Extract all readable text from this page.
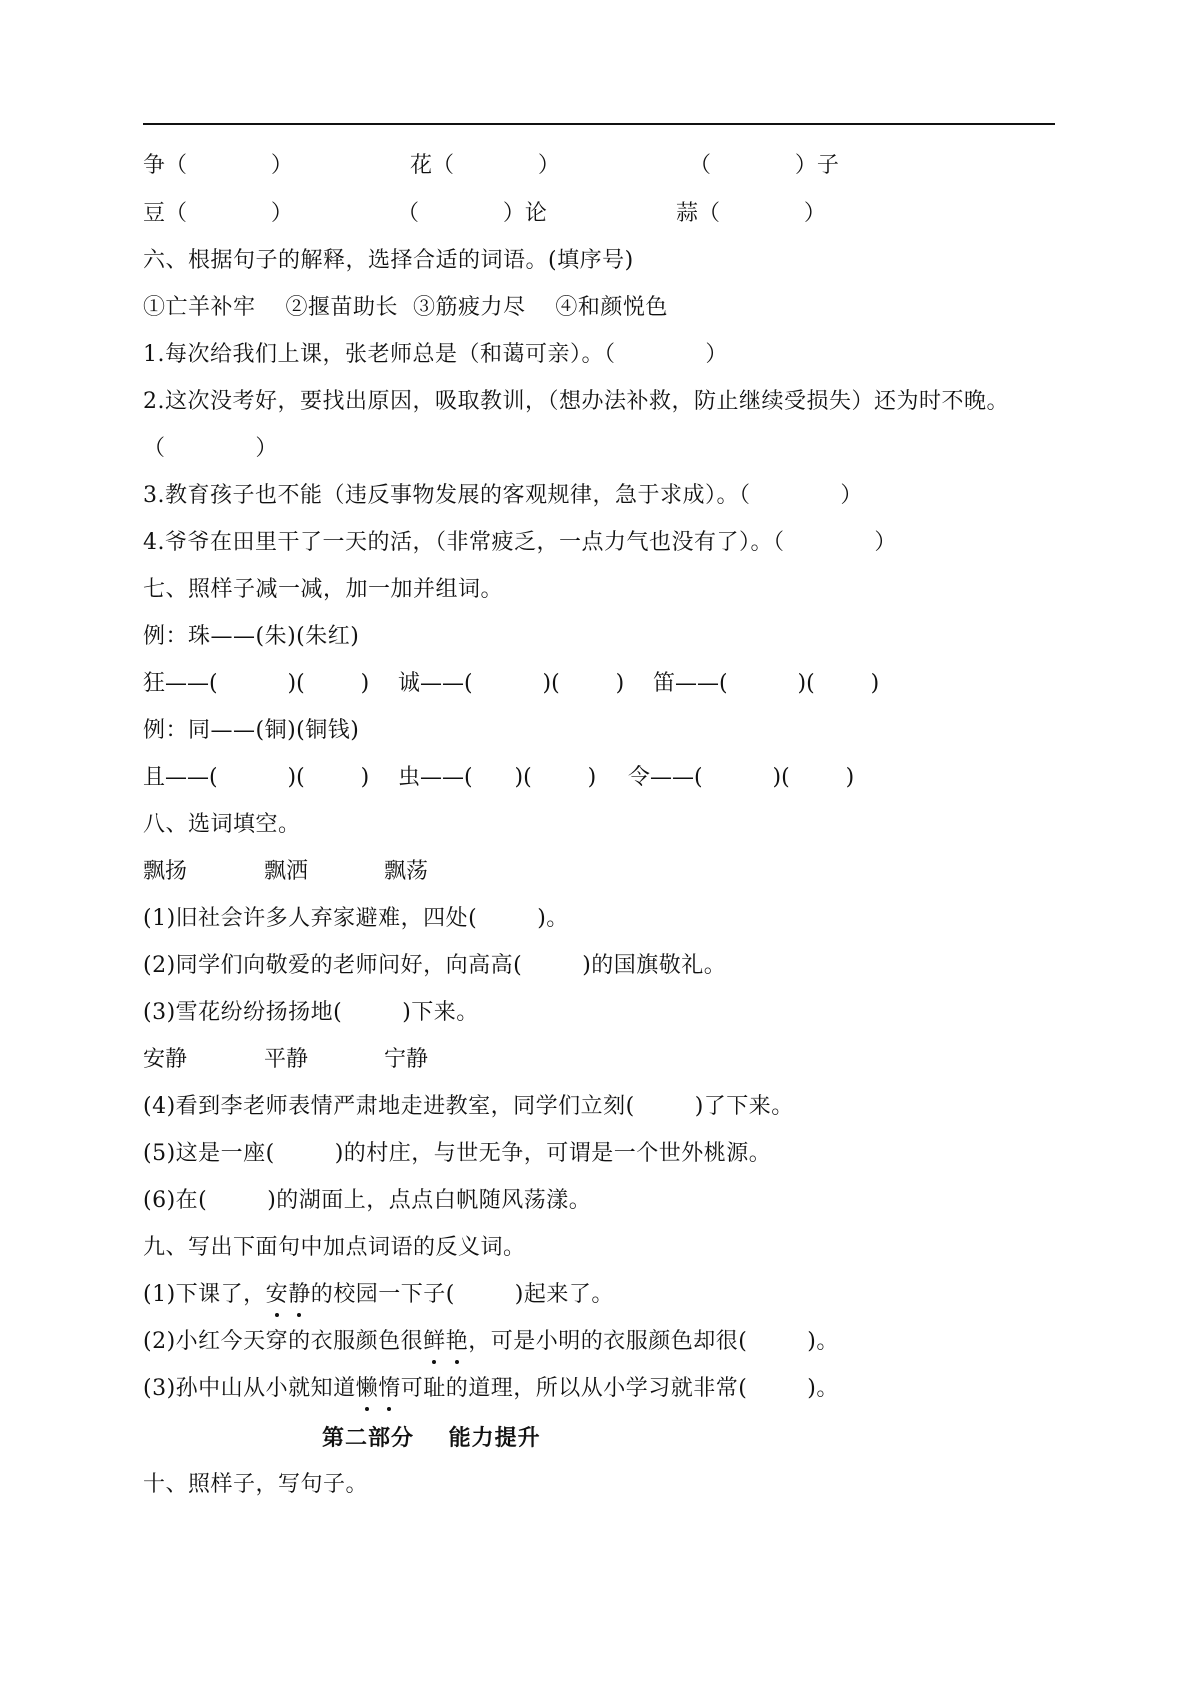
争（            ）	花（            ）	（            ）子
豆（            ）	（            ）论	蒜（            ）
六、根据句子的解释，选择合适的词语。(填序号)
①亡羊补牢    ②揠苗助长  ③筋疲力尽    ④和颜悦色
1.每次给我们上课，张老师总是（和蔼可亲）。（            ）
2.这次没考好，要找出原因，吸取教训，（想办法补救，防止继续受损失）还为时不晚。
（            ）
3.教育孩子也不能（违反事物发展的客观规律，急于求成）。（            ）
4.爷爷在田里干了一天的活，（非常疲乏，一点力气也没有了）。（            ）
七、照样子减一减，加一加并组词。
例：珠——(朱)(朱红)
狂——(          )(        ) 诚——(          )(        ) 笛——(          )(        )
例：同——(铜)(铜钱)
且——(          )(        ) 虫——(      )(        ) 令——(          )(        )
八、选词填空。
飘扬	飘洒	飘荡
(1)旧社会许多人弃家避难，四处(        )。
(2)同学们向敬爱的老师问好，向高高(        )的国旗敬礼。
(3)雪花纷纷扬扬地(        )下来。
安静	平静	宁静
(4)看到李老师表情严肃地走进教室，同学们立刻(        )了下来。
(5)这是一座(        )的村庄，与世无争，可谓是一个世外桃源。
(6)在(        )的湖面上，点点白帆随风荡漾。
九、写出下面句中加点词语的反义词。
(1)下课了，安
静
的校园一下子(        )起来了。
(2)小红今天穿的衣服颜色很鲜
艳
，可是小明的衣服颜色却很(        )。
(3)孙中山从小就知道懒
惰
可耻的道理，所以从小学习就非常(        )。
第二部分    能力提升
十、照样子，写句子。
